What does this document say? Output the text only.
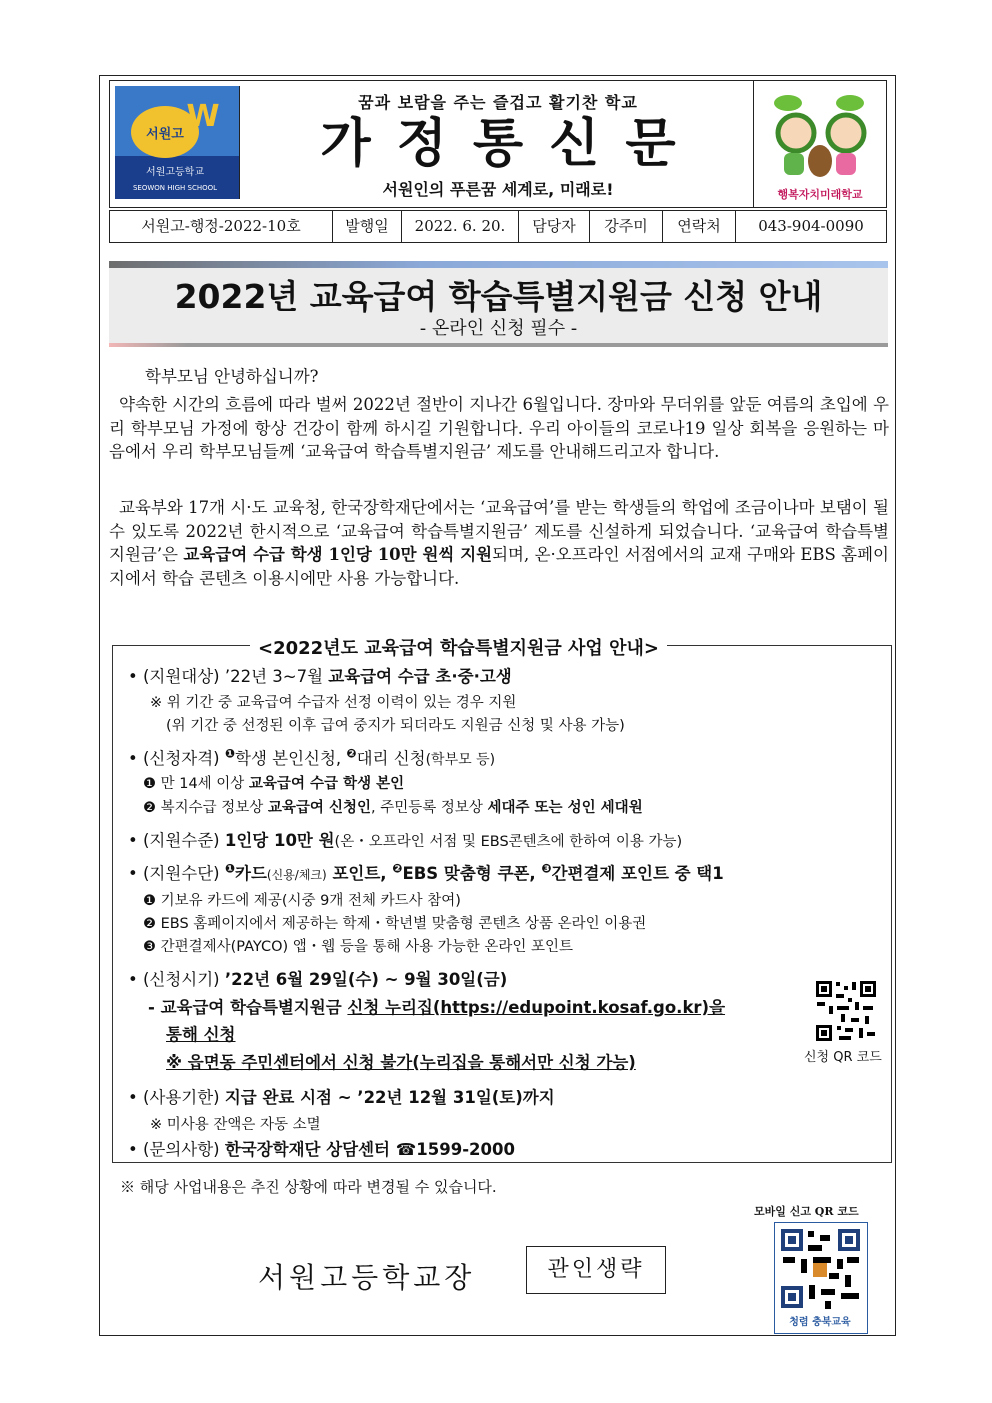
서원고
W
서원고등학교
SEOWON HIGH SCHOOL
꿈과 보람을 주는 즐겁고 활기찬 학교
가정통신문
서원인의 푸른꿈 세계로, 미래로!	행복자치미래학교
서원고-행정-2022-10호	발행일	2022. 6. 20.	담당자	강주미	연락처	043-904-0090
2022년 교육급여 학습특별지원금 신청 안내
- 온라인 신청 필수 -
학부모님 안녕하십니까?
약속한 시간의 흐름에 따라 벌써 2022년 절반이 지나간 6월입니다. 장마와 무더위를 앞둔 여름의 초입에 우리 학부모님 가정에 항상 건강이 함께 하시길 기원합니다. 우리 아이들의 코로나19 일상 회복을 응원하는 마음에서 우리 학부모님들께 ‘교육급여 학습특별지원금’ 제도를 안내해드리고자 합니다.
교육부와 17개 시·도 교육청, 한국장학재단에서는 ‘교육급여’를 받는 학생들의 학업에 조금이나마 보탬이 될 수 있도록 2022년 한시적으로 ‘교육급여 학습특별지원금’ 제도를 신설하게 되었습니다. ‘교육급여 학습특별지원금’은 교육급여 수급 학생 1인당 10만 원씩 지원되며, 온·오프라인 서점에서의 교재 구매와 EBS 홈페이지에서 학습 콘텐츠 이용시에만 사용 가능합니다.
<2022년도 교육급여 학습특별지원금 사업 안내>
• (지원대상) ’22년 3~7월 교육급여 수급 초·중·고생
※ 위 기간 중 교육급여 수급자 선정 이력이 있는 경우 지원
(위 기간 중 선정된 이후 급여 중지가 되더라도 지원금 신청 및 사용 가능)
• (신청자격) $^❶$학생 본인신청, $^❷$대리 신청(학부모 등)
❶ 만 14세 이상 교육급여 수급 학생 본인
❷ 복지수급 정보상 교육급여 신청인, 주민등록 정보상 세대주 또는 성인 세대원
• (지원수준) 1인당 10만 원(온・오프라인 서점 및 EBS콘텐츠에 한하여 이용 가능)
• (지원수단) $^❶$카드(신용/체크) 포인트, $^❷$EBS 맞춤형 쿠폰, $^❸$간편결제 포인트 중 택1
❶ 기보유 카드에 제공(시중 9개 전체 카드사 참여)
❷ EBS 홈페이지에서 제공하는 학제・학년별 맞춤형 콘텐츠 상품 온라인 이용권
❸ 간편결제사(PAYCO) 앱・웹 등을 통해 사용 가능한 온라인 포인트
• (신청시기) ’22년 6월 29일(수) ~ 9월 30일(금)
- 교육급여 학습특별지원금 신청 누리집(https://edupoint.kosaf.go.kr)을
통해 신청
※ 읍면동 주민센터에서 신청 불가(누리집을 통해서만 신청 가능)	신청 QR 코드
• (사용기한) 지급 완료 시점 ~ ’22년 12월 31일(토)까지
※ 미사용 잔액은 자동 소멸
• (문의사항) 한국장학재단 상담센터 ☎1599-2000
※ 해당 사업내용은 추진 상황에 따라 변경될 수 있습니다.
모바일 신고 QR 코드
청렴 충북교육
서원고등학교장	관인생략
